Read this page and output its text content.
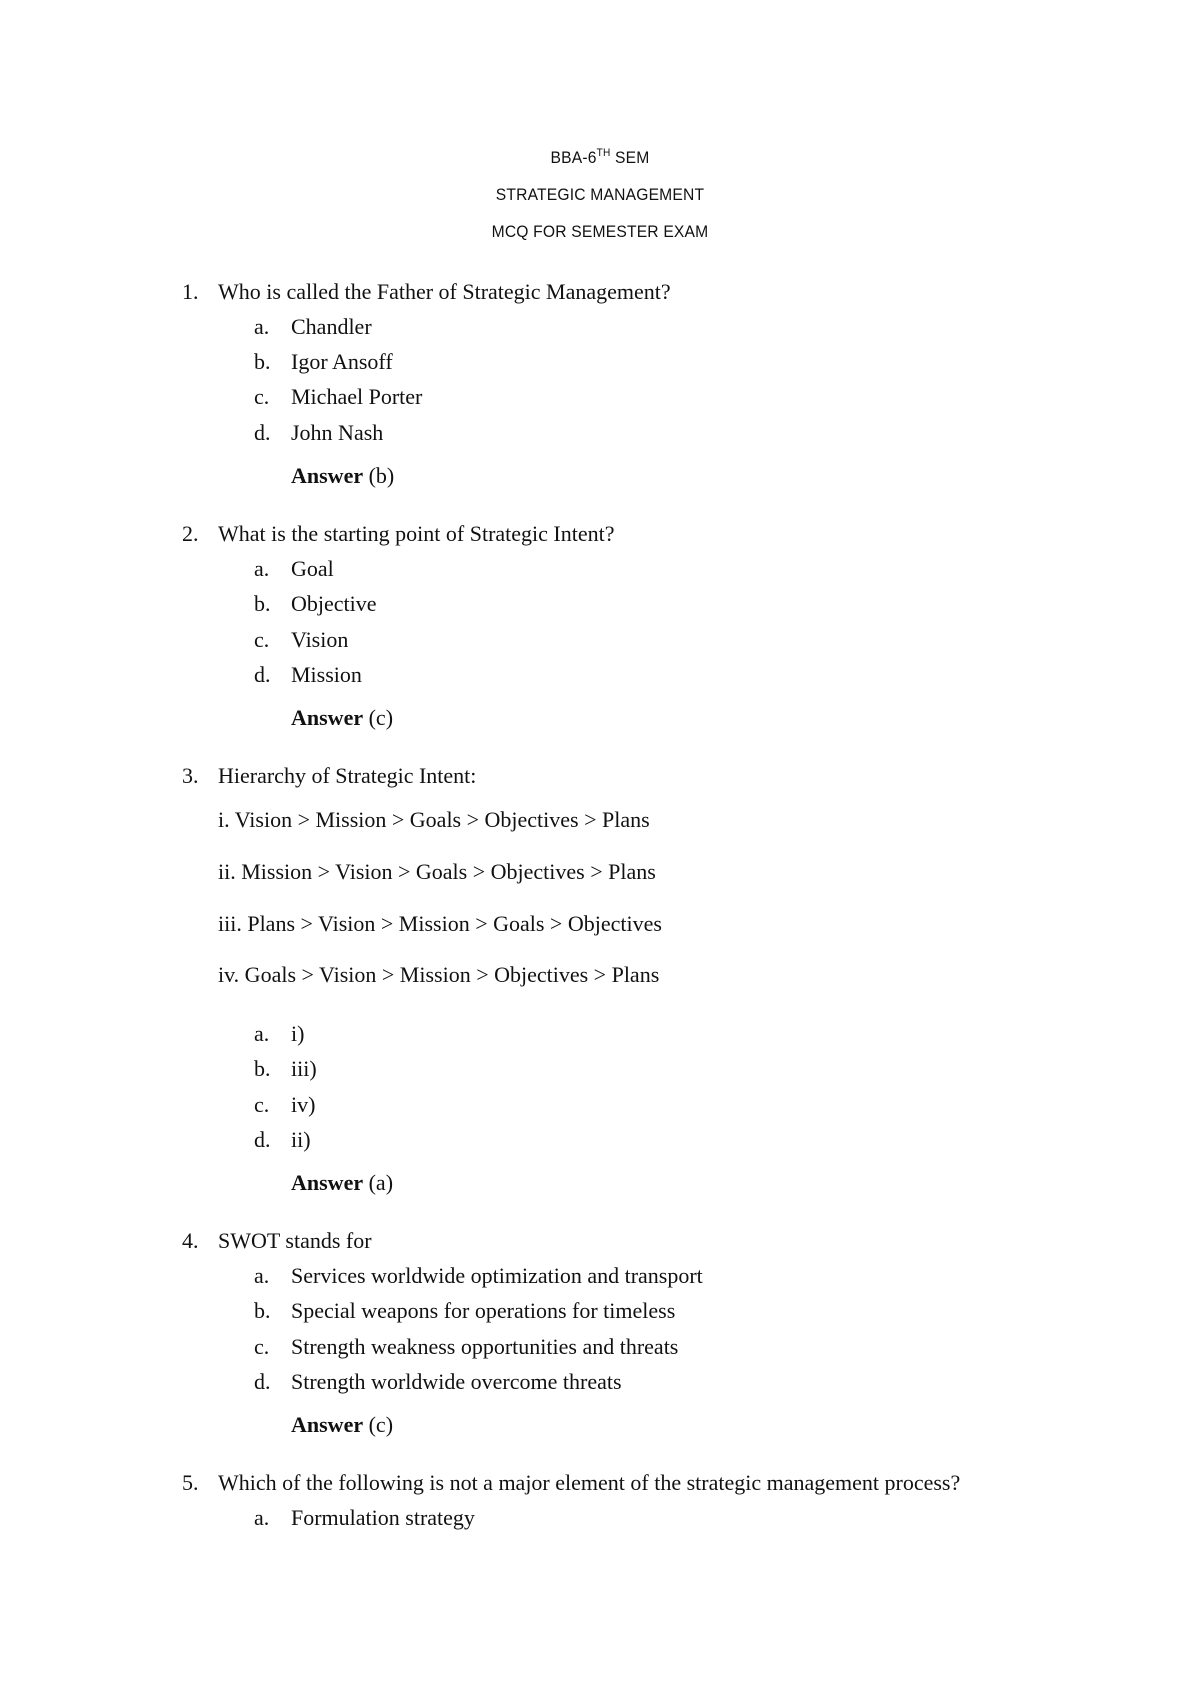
BBA-6TH SEM
STRATEGIC MANAGEMENT
MCQ FOR SEMESTER EXAM
1. Who is called the Father of Strategic Management?
a. Chandler
b. Igor Ansoff
c. Michael Porter
d. John Nash
Answer (b)
2. What is the starting point of Strategic Intent?
a. Goal
b. Objective
c. Vision
d. Mission
Answer (c)
3. Hierarchy of Strategic Intent:
i. Vision > Mission > Goals > Objectives > Plans
ii. Mission > Vision > Goals > Objectives > Plans
iii. Plans > Vision > Mission > Goals > Objectives
iv. Goals > Vision > Mission > Objectives > Plans
a. i)
b. iii)
c. iv)
d. ii)
Answer (a)
4. SWOT stands for
a. Services worldwide optimization and transport
b. Special weapons for operations for timeless
c. Strength weakness opportunities and threats
d. Strength worldwide overcome threats
Answer (c)
5. Which of the following is not a major element of the strategic management process?
a. Formulation strategy
